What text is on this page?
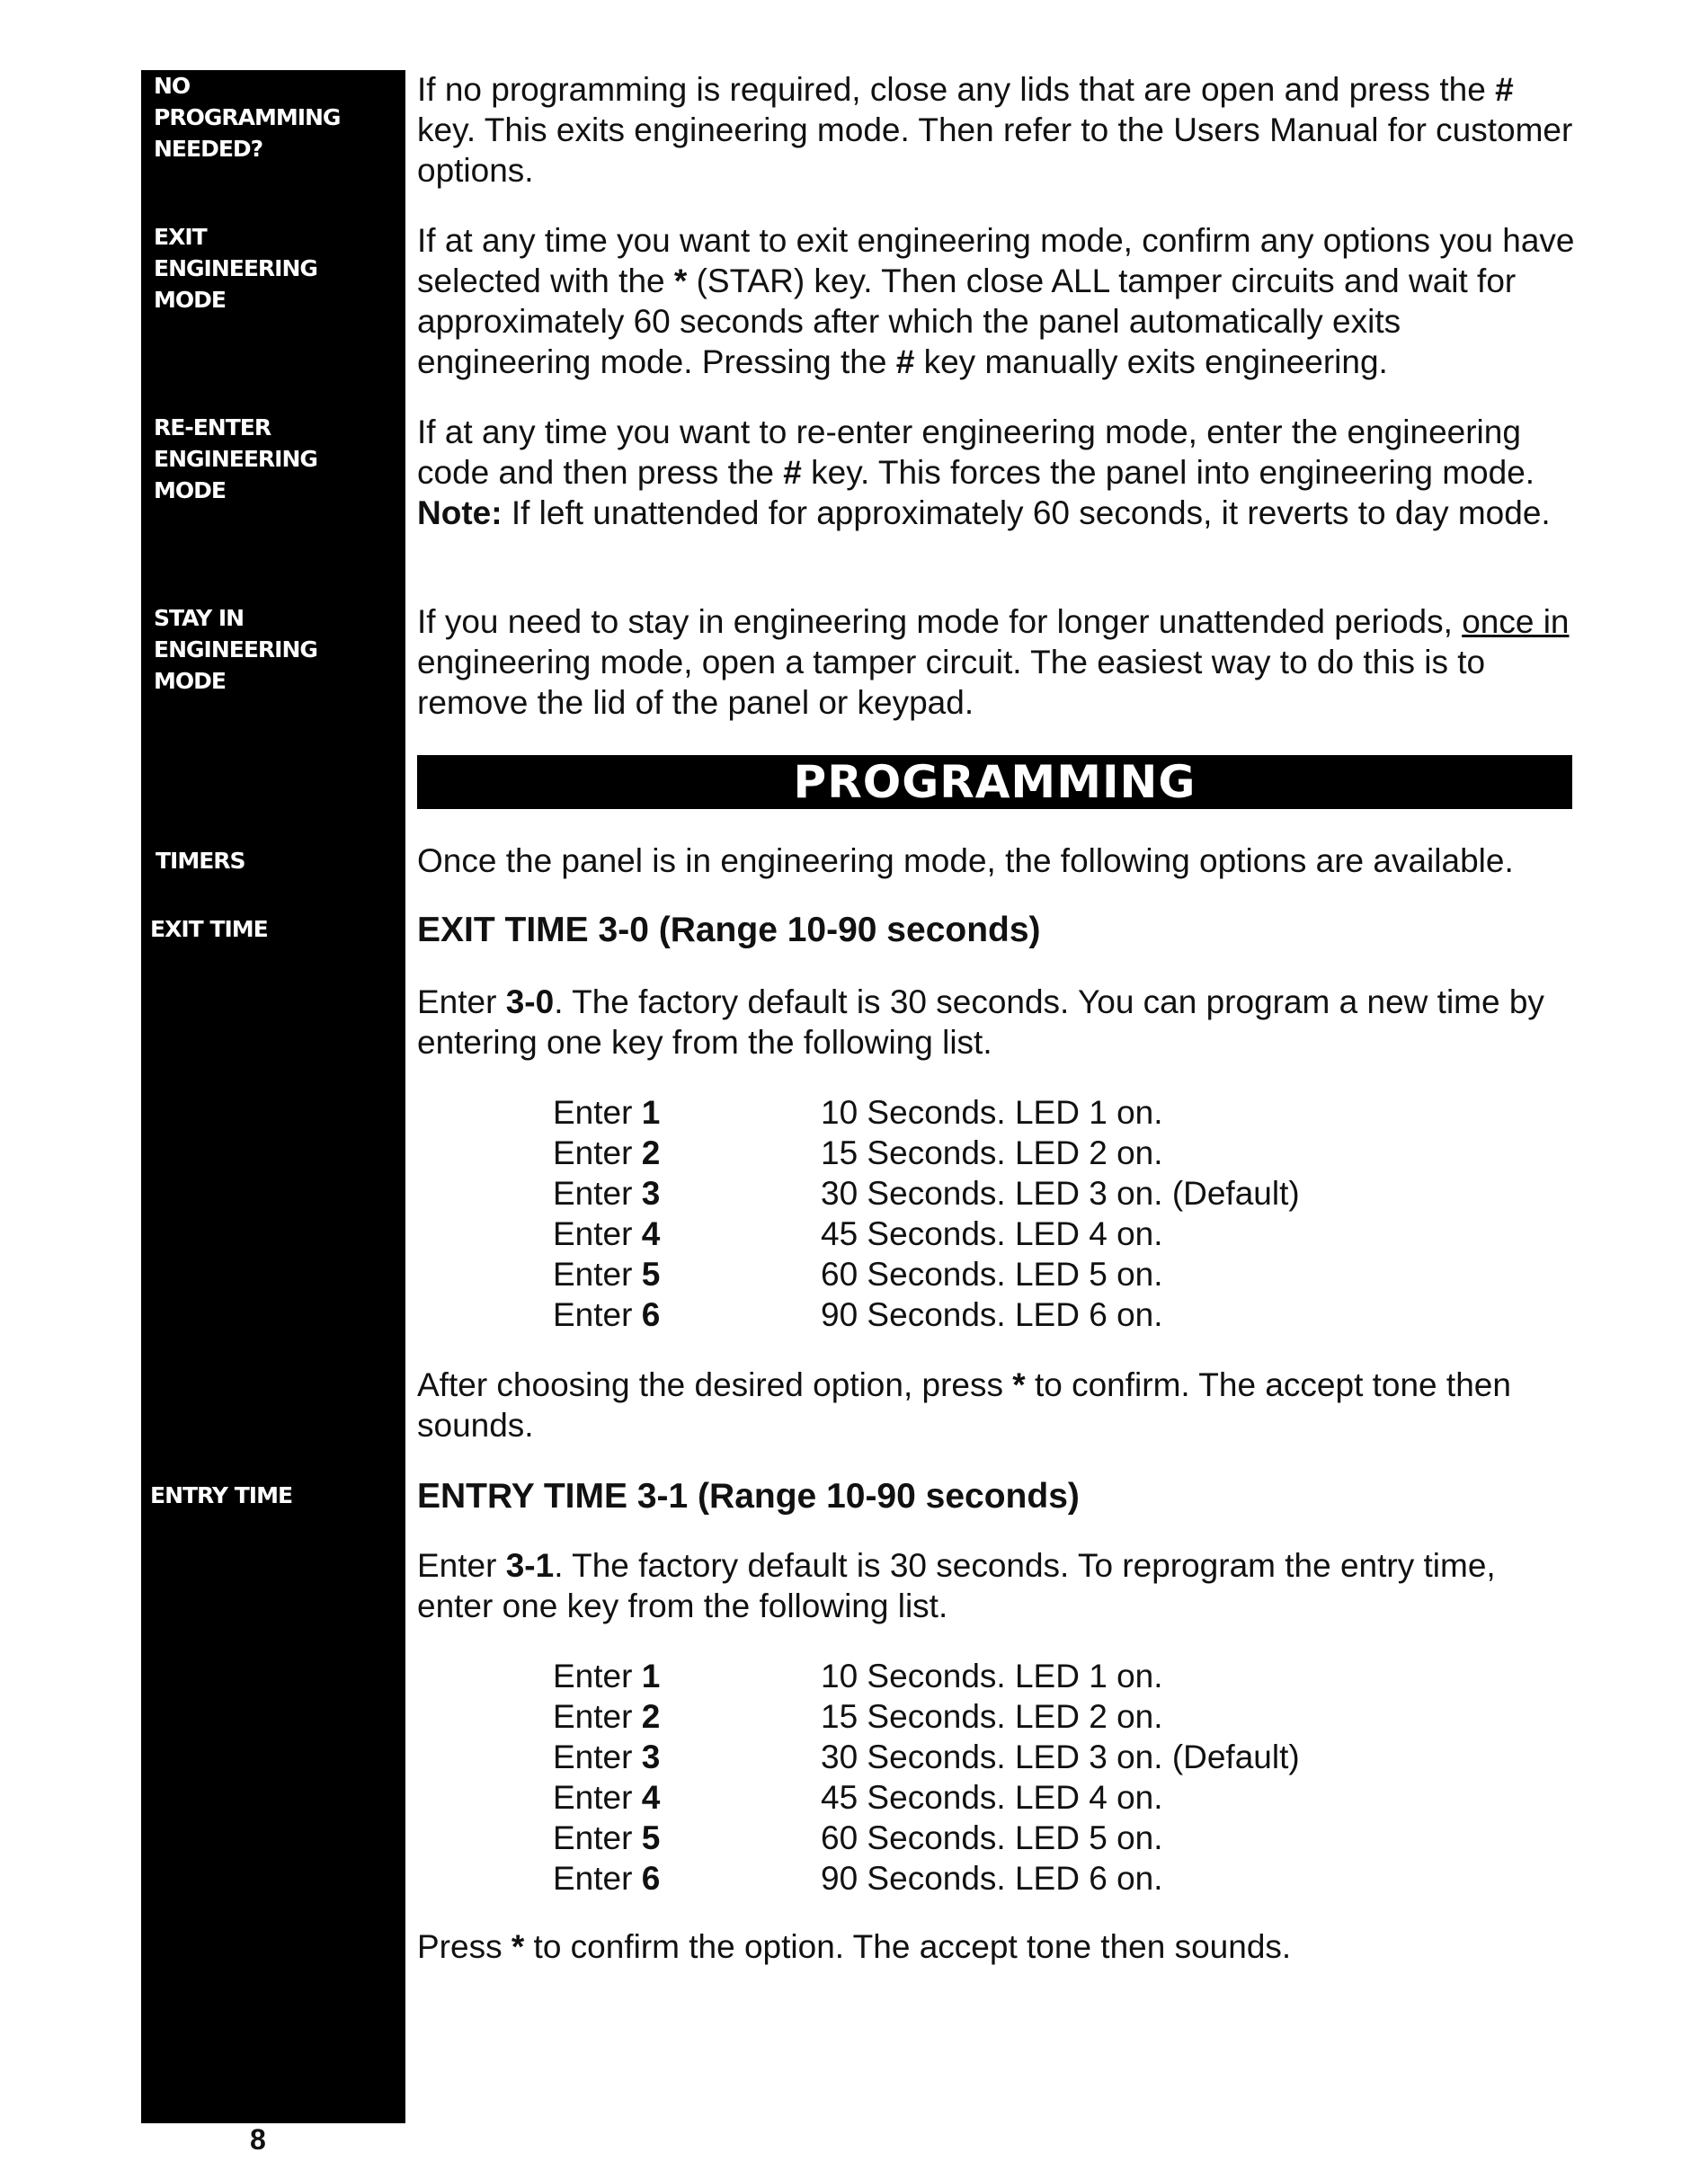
NO
PROGRAMMING
NEEDED?
EXIT
ENGINEERING
MODE
RE-ENTER
ENGINEERING
MODE
STAY IN
ENGINEERING
MODE
TIMERS
EXIT TIME
ENTRY TIME
If no programming is required, close any lids that are open and press the # key. This exits engineering mode. Then refer to the Users Manual for customer options.
If at any time you want to exit engineering mode, confirm any options you have selected with the * (STAR) key. Then close ALL tamper circuits and wait for approximately 60 seconds after which the panel automatically exits engineering mode. Pressing the # key manually exits engineering.
If at any time you want to re-enter engineering mode, enter the engineering code and then press the # key. This forces the panel into engineering mode. Note: If left unattended for approximately 60 seconds, it reverts to day mode.
If you need to stay in engineering mode for longer unattended periods, once in engineering mode, open a tamper circuit. The easiest way to do this is to remove the lid of the panel or keypad.
PROGRAMMING
Once the panel is in engineering mode, the following options are available.
EXIT TIME 3-0 (Range 10-90 seconds)
Enter 3-0. The factory default is 30 seconds. You can program a new time by entering one key from the following list.
Enter 1	10 Seconds. LED 1 on.
Enter 2	15 Seconds. LED 2 on.
Enter 3	30 Seconds. LED 3 on. (Default)
Enter 4	45 Seconds. LED 4 on.
Enter 5	60 Seconds. LED 5 on.
Enter 6	90 Seconds. LED 6 on.
After choosing the desired option, press * to confirm. The accept tone then sounds.
ENTRY TIME 3-1 (Range 10-90 seconds)
Enter 3-1. The factory default is 30 seconds. To reprogram the entry time, enter one key from the following list.
Enter 1	10 Seconds. LED 1 on.
Enter 2	15 Seconds. LED 2 on.
Enter 3	30 Seconds. LED 3 on. (Default)
Enter 4	45 Seconds. LED 4 on.
Enter 5	60 Seconds. LED 5 on.
Enter 6	90 Seconds. LED 6 on.
Press * to confirm the option. The accept tone then sounds.
8
